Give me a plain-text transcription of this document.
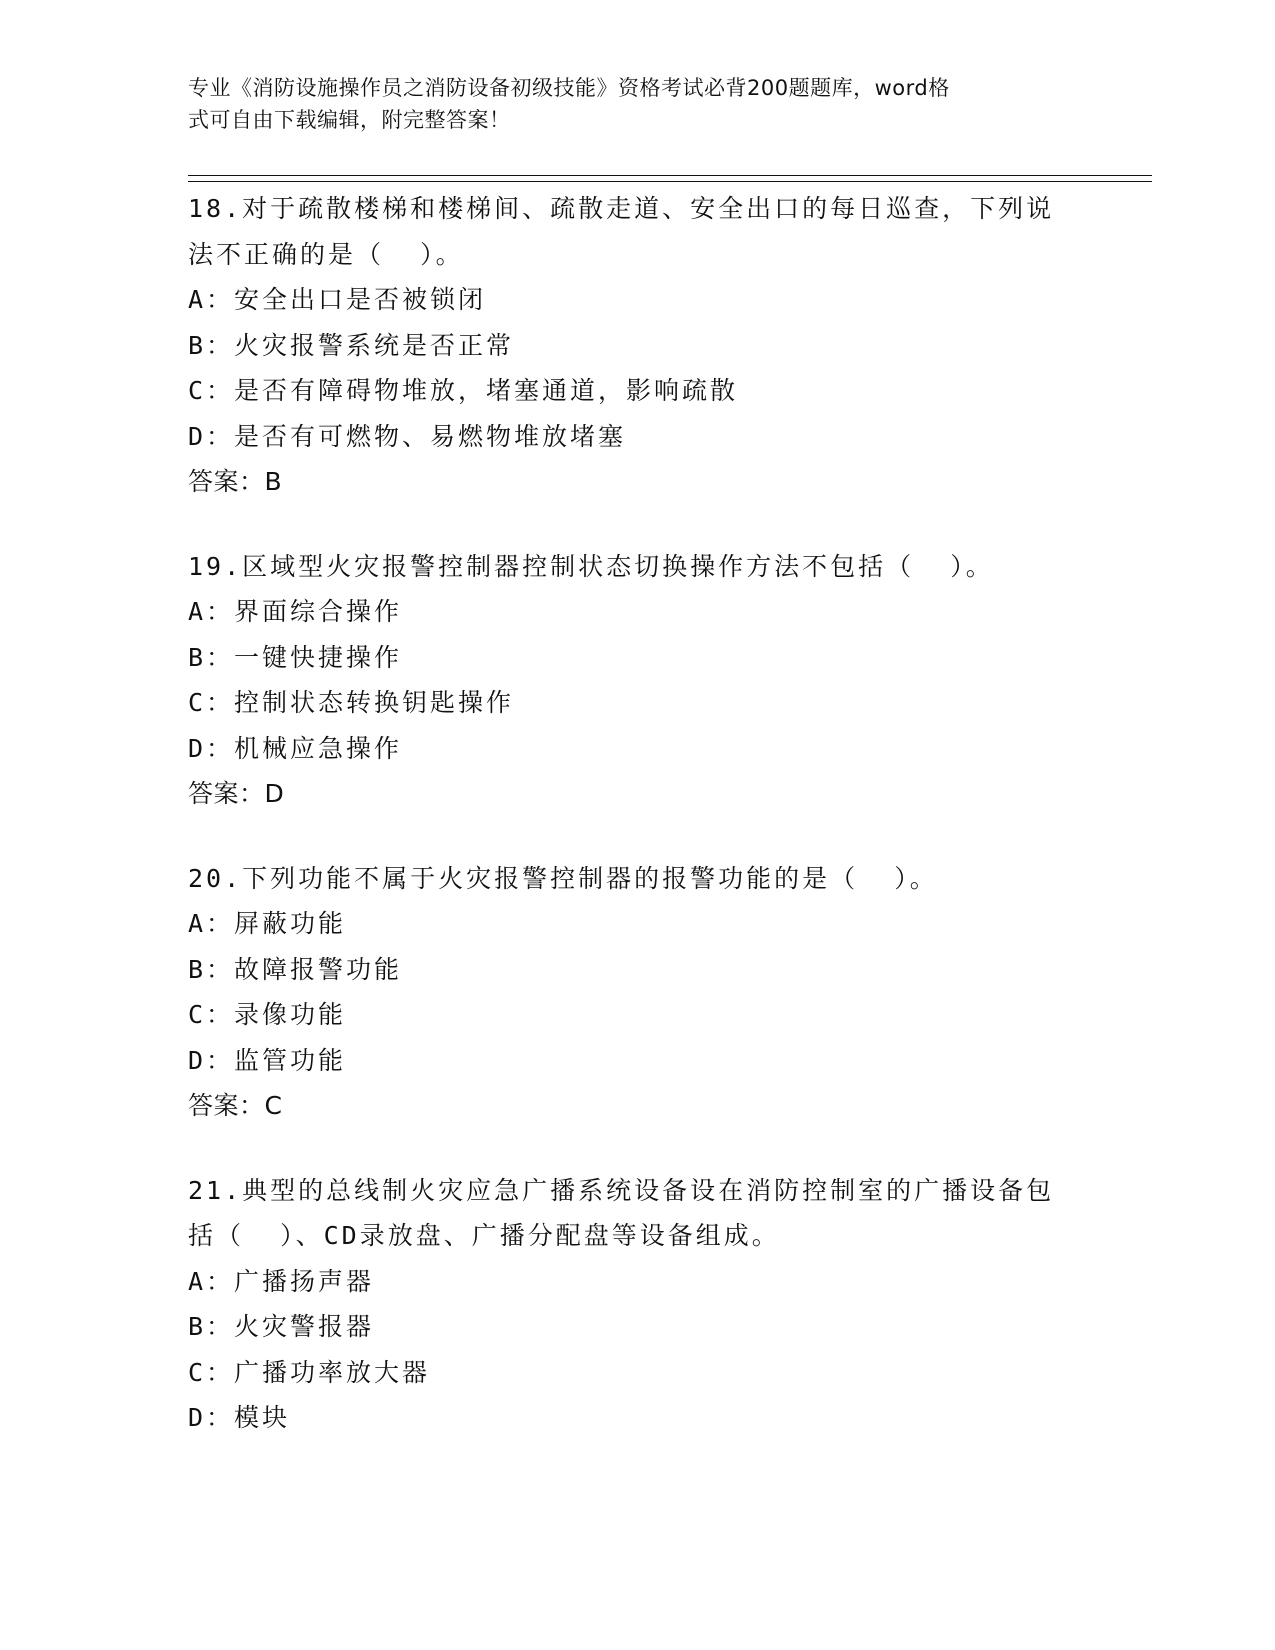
专业《消防设施操作员之消防设备初级技能》资格考试必背200题题库，word格
式可自由下载编辑，附完整答案！
18.对于疏散楼梯和楼梯间、疏散走道、安全出口的每日巡查，下列说
法不正确的是（  ）。
A：安全出口是否被锁闭
B：火灾报警系统是否正常
C：是否有障碍物堆放，堵塞通道，影响疏散
D：是否有可燃物、易燃物堆放堵塞
答案：B
19.区域型火灾报警控制器控制状态切换操作方法不包括（  ）。
A：界面综合操作
B：一键快捷操作
C：控制状态转换钥匙操作
D：机械应急操作
答案：D
20.下列功能不属于火灾报警控制器的报警功能的是（  ）。
A：屏蔽功能
B：故障报警功能
C：录像功能
D：监管功能
答案：C
21.典型的总线制火灾应急广播系统设备设在消防控制室的广播设备包
括（  ）、CD录放盘、广播分配盘等设备组成。
A：广播扬声器
B：火灾警报器
C：广播功率放大器
D：模块
